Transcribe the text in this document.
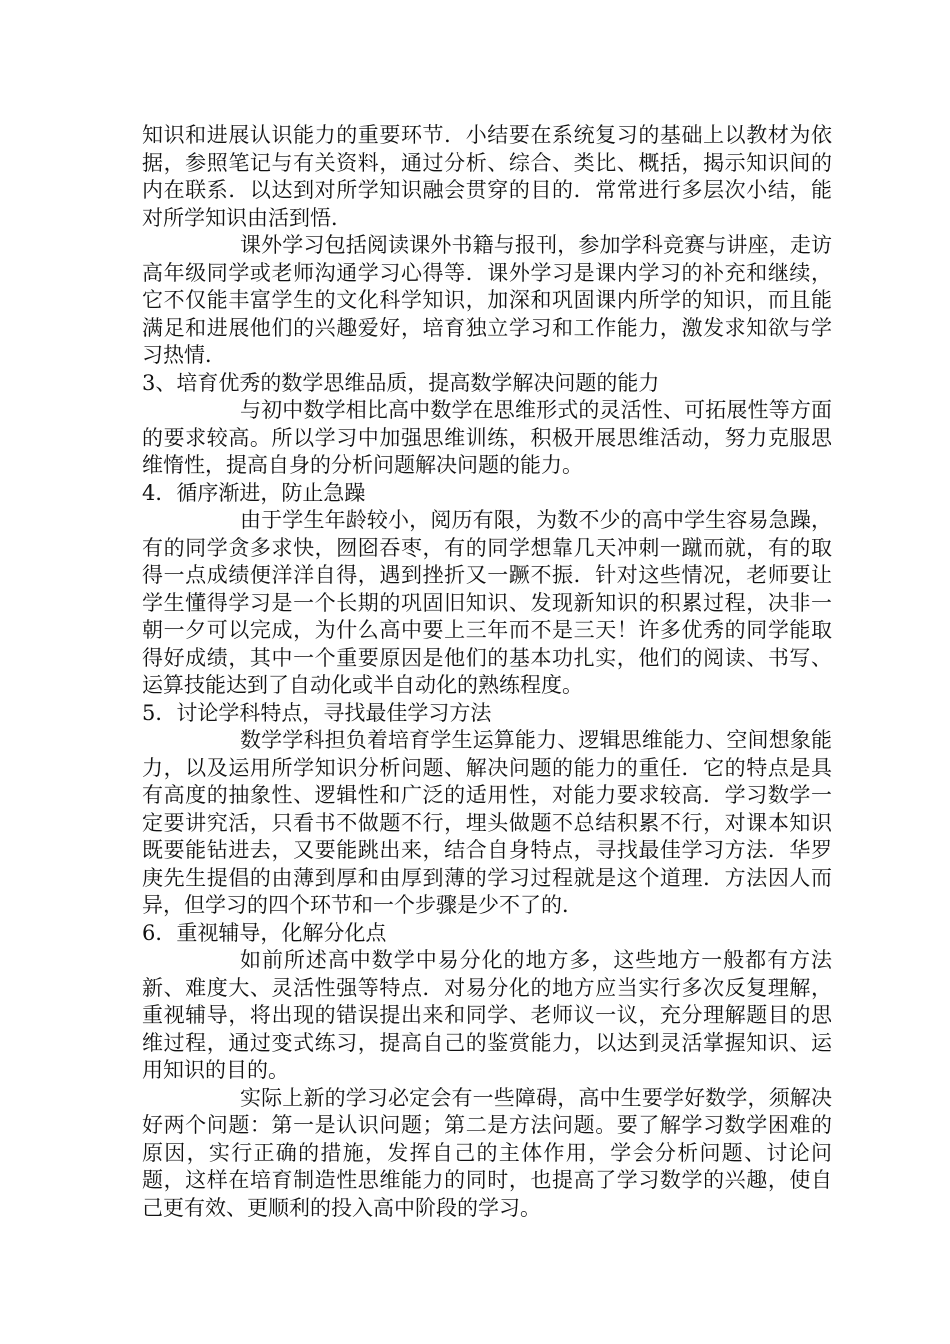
知识和进展认识能力的重要环节．小结要在系统复习的基础上以教材为依据，参照笔记与有关资料，通过分析、综合、类比、概括，揭示知识间的内在联系．以达到对所学知识融会贯穿的目的．常常进行多层次小结，能对所学知识由活到悟．

课外学习包括阅读课外书籍与报刊，参加学科竞赛与讲座，走访高年级同学或老师沟通学习心得等．课外学习是课内学习的补充和继续，它不仅能丰富学生的文化科学知识，加深和巩固课内所学的知识，而且能满足和进展他们的兴趣爱好，培育独立学习和工作能力，激发求知欲与学习热情．

3、培育优秀的数学思维品质，提高数学解决问题的能力

与初中数学相比高中数学在思维形式的灵活性、可拓展性等方面的要求较高。所以学习中加强思维训练，积极开展思维活动，努力克服思维惰性，提高自身的分析问题解决问题的能力。

4．循序渐进，防止急躁

由于学生年龄较小，阅历有限，为数不少的高中学生容易急躁，有的同学贪多求快，囫囵吞枣，有的同学想靠几天冲刺一蹴而就，有的取得一点成绩便洋洋自得，遇到挫折又一蹶不振．针对这些情况，老师要让学生懂得学习是一个长期的巩固旧知识、发现新知识的积累过程，决非一朝一夕可以完成，为什么高中要上三年而不是三天！许多优秀的同学能取得好成绩，其中一个重要原因是他们的基本功扎实，他们的阅读、书写、运算技能达到了自动化或半自动化的熟练程度。

5．讨论学科特点，寻找最佳学习方法

数学学科担负着培育学生运算能力、逻辑思维能力、空间想象能力，以及运用所学知识分析问题、解决问题的能力的重任．它的特点是具有高度的抽象性、逻辑性和广泛的适用性，对能力要求较高．学习数学一定要讲究活，只看书不做题不行，埋头做题不总结积累不行，对课本知识既要能钻进去，又要能跳出来，结合自身特点，寻找最佳学习方法．华罗庚先生提倡的由薄到厚和由厚到薄的学习过程就是这个道理．方法因人而异，但学习的四个环节和一个步骤是少不了的．

6．重视辅导，化解分化点

如前所述高中数学中易分化的地方多，这些地方一般都有方法新、难度大、灵活性强等特点．对易分化的地方应当实行多次反复理解，重视辅导，将出现的错误提出来和同学、老师议一议，充分理解题目的思维过程，通过变式练习，提高自己的鉴赏能力，以达到灵活掌握知识、运用知识的目的。

实际上新的学习必定会有一些障碍，高中生要学好数学，须解决好两个问题：第一是认识问题；第二是方法问题。要了解学习数学困难的原因，实行正确的措施，发挥自己的主体作用，学会分析问题、讨论问题，这样在培育制造性思维能力的同时，也提高了学习数学的兴趣，使自己更有效、更顺利的投入高中阶段的学习。
